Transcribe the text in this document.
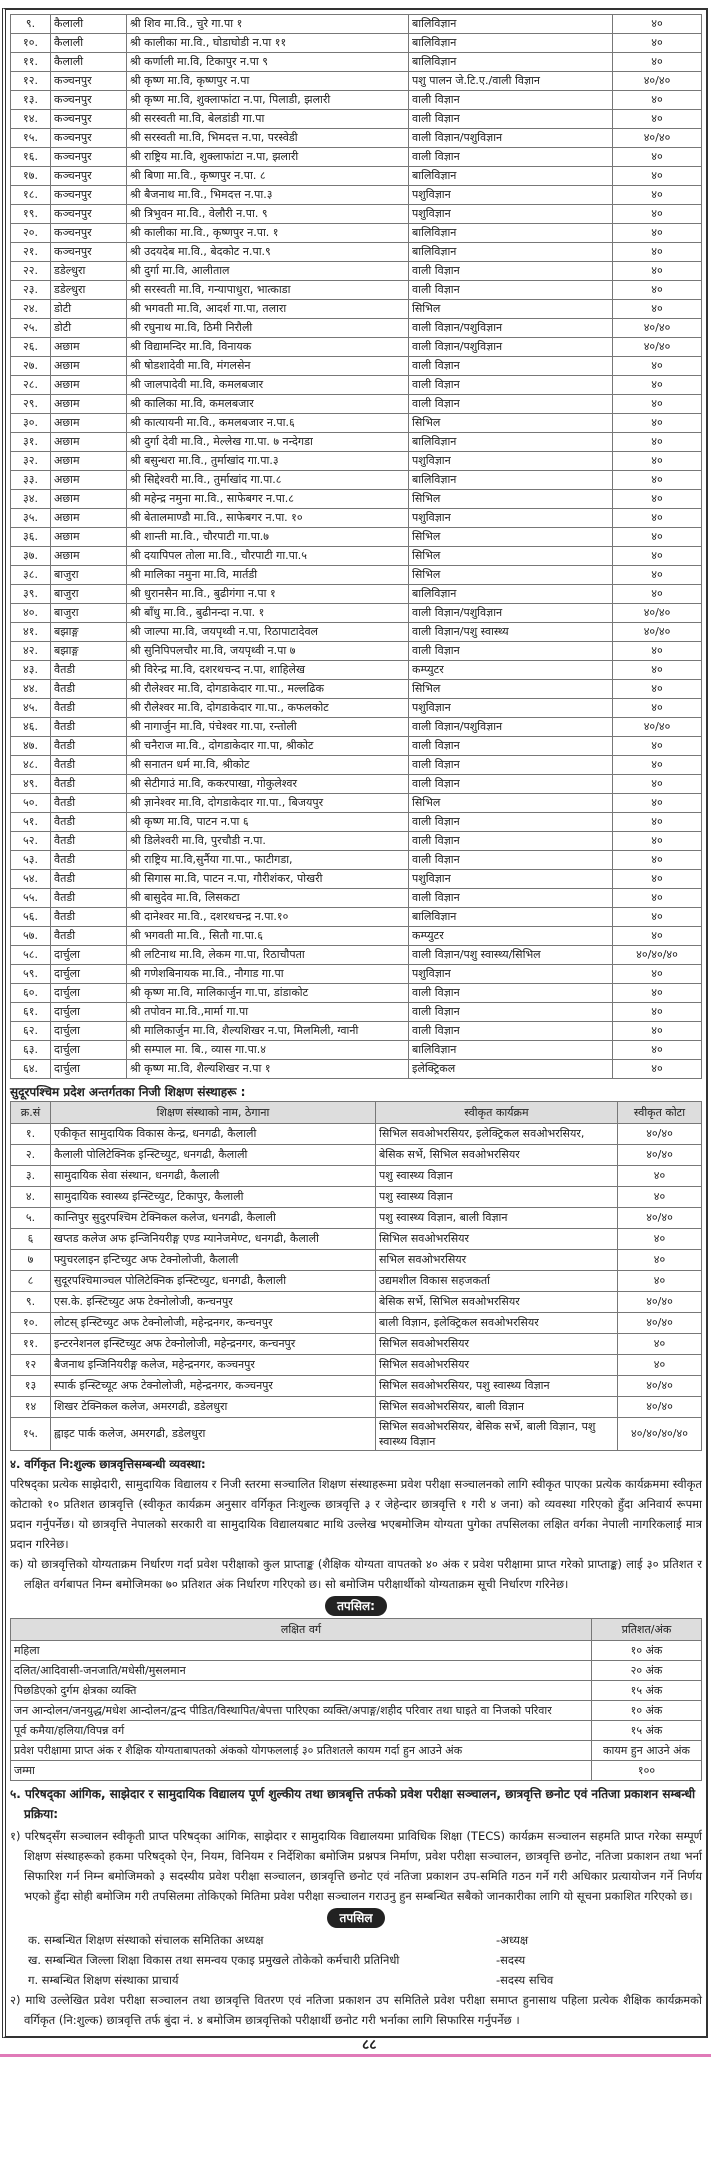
९.	कैलाली	श्री शिव मा.वि., चुरे गा.पा १	बालिविज्ञान	४०
१०.	कैलाली	श्री कालीका मा.वि., घोडाघोडी न.पा ११	बालिविज्ञान	४०
११.	कैलाली	श्री कर्णाली मा.वि, टिकापुर न.पा ९	बालिविज्ञान	४०
१२.	कञ्चनपुर	श्री कृष्ण मा.वि, कृष्णपुर न.पा	पशु पालन जे.टि.ए./वाली विज्ञान	४०/४०
१३.	कञ्चनपुर	श्री कृष्ण मा.वि, शुक्लाफांटा न.पा, पिलाडी, झलारी	वाली विज्ञान	४०
१४.	कञ्चनपुर	श्री सरस्वती मा.वि, बेलडांडी गा.पा	वाली विज्ञान	४०
१५.	कञ्चनपुर	श्री सरस्वती मा.वि, भिमदत्त न.पा, परस्वेडी	वाली विज्ञान/पशुविज्ञान	४०/४०
१६.	कञ्चनपुर	श्री राष्ट्रिय मा.वि, शुक्लाफांटा न.पा, झलारी	वाली विज्ञान	४०
१७.	कञ्चनपुर	श्री बिणा मा.वि., कृष्णपुर न.पा. ८	बालिविज्ञान	४०
१८.	कञ्चनपुर	श्री बैजनाथ मा.वि., भिमदत्त न.पा.३	पशुविज्ञान	४०
१९.	कञ्चनपुर	श्री त्रिभुवन मा.वि., वेलौरी न.पा. ९	पशुविज्ञान	४०
२०.	कञ्चनपुर	श्री कालीका मा.वि., कृष्णपुर न.पा. १	बालिविज्ञान	४०
२१.	कञ्चनपुर	श्री उदयदेब मा.वि., बेदकोट न.पा.९	बालिविज्ञान	४०
२२.	डडेल्धुरा	श्री दुर्गा मा.वि, आलीताल	वाली विज्ञान	४०
२३.	डडेल्धुरा	श्री सरस्वती मा.वि, गन्यापाधुरा, भात्काडा	वाली विज्ञान	४०
२४.	डोटी	श्री भगवती मा.वि, आदर्श गा.पा, तलारा	सिभिल	४०
२५.	डोटी	श्री रघुनाथ मा.वि, ठिमी निरौली	वाली विज्ञान/पशुविज्ञान	४०/४०
२६.	अछाम	श्री विद्यामन्दिर मा.वि, विनायक	वाली विज्ञान/पशुविज्ञान	४०/४०
२७.	अछाम	श्री षोडशादेवी मा.वि, मंगलसेन	वाली विज्ञान	४०
२८.	अछाम	श्री जालपादेवी मा.वि, कमलबजार	वाली विज्ञान	४०
२९.	अछाम	श्री कालिका मा.वि, कमलबजार	वाली विज्ञान	४०
३०.	अछाम	श्री कात्यायनी मा.वि., कमलबजार न.पा.६	सिभिल	४०
३१.	अछाम	श्री दुर्गा देवी मा.वि., मेल्लेख गा.पा. ७ नन्देगडा	बालिविज्ञान	४०
३२.	अछाम	श्री बसुन्धरा मा.वि., तुर्माखांद गा.पा.३	पशुविज्ञान	४०
३३.	अछाम	श्री सिद्देश्वरी मा.वि., तुर्माखांद गा.पा.८	बालिविज्ञान	४०
३४.	अछाम	श्री महेन्द्र नमुना मा.वि., साफेबगर न.पा.८	सिभिल	४०
३५.	अछाम	श्री बेतालमाण्डौ मा.वि., साफेबगर न.पा. १०	पशुविज्ञान	४०
३६.	अछाम	श्री शान्ती मा.वि., चौरपाटी गा.पा.७	सिभिल	४०
३७.	अछाम	श्री दयापिपल तोला मा.वि., चौरपाटी गा.पा.५	सिभिल	४०
३८.	बाजुरा	श्री मालिका नमुना मा.वि, मार्तडी	सिभिल	४०
३९.	बाजुरा	श्री धुरानसैन मा.वि., बुढीगंगा न.पा १	बालिविज्ञान	४०
४०.	बाजुरा	श्री बाँधु मा.वि., बुढीनन्दा न.पा. १	वाली विज्ञान/पशुविज्ञान	४०/४०
४१.	बझाङ्ग	श्री जाल्पा मा.वि, जयपृथ्वी न.पा, रिठापाटादेवल	वाली विज्ञान/पशु स्वास्थ्य	४०/४०
४२.	बझाङ्ग	श्री सुनिपिपलचौर मा.वि, जयपृथ्वी न.पा ७	वाली विज्ञान	४०
४३.	वैतडी	श्री विरेन्द्र मा.वि, दशरथचन्द न.पा, शाहिलेख	कम्प्युटर	४०
४४.	वैतडी	श्री रौलेश्वर मा.वि, दोगडाकेदार गा.पा., मल्लढिक	सिभिल	४०
४५.	वैतडी	श्री रौलेश्वर मा.वि, दोगडाकेदार गा.पा., कफलकोट	पशुविज्ञान	४०
४६.	वैतडी	श्री नागार्जुन मा.वि, पंचेश्वर गा.पा, रन्तोली	वाली विज्ञान/पशुविज्ञान	४०/४०
४७.	वैतडी	श्री चनैराज मा.वि., दोगडाकेदार गा.पा, श्रीकोट	वाली विज्ञान	४०
४८.	वैतडी	श्री सनातन धर्म मा.वि, श्रीकोट	वाली विज्ञान	४०
४९.	वैतडी	श्री सेटीगाउं मा.वि, ककरपाखा, गोकुलेश्वर	वाली विज्ञान	४०
५०.	वैतडी	श्री ज्ञानेश्वर मा.वि, दोगडाकेदार गा.पा., बिजयपुर	सिभिल	४०
५१.	वैतडी	श्री कृष्ण मा.वि, पाटन न.पा ६	वाली विज्ञान	४०
५२.	वैतडी	श्री डिलेश्वरी मा.वि, पुरचौडी न.पा.	वाली विज्ञान	४०
५३.	वैतडी	श्री राष्ट्रिय मा.वि,सुर्नैया गा.पा., फाटीगडा,	वाली विज्ञान	४०
५४.	वैतडी	श्री सिगास मा.वि, पाटन न.पा, गौरीशंकर, पोखरी	पशुविज्ञान	४०
५५.	वैतडी	श्री बासुदेव मा.वि, लिसकटा	वाली विज्ञान	४०
५६.	वैतडी	श्री दानेश्वर मा.वि., दशरथचन्द्र न.पा.१०	बालिविज्ञान	४०
५७.	वैतडी	श्री भगवती मा.वि., सितौ गा.पा.६	कम्प्युटर	४०
५८.	दार्चुला	श्री लटिनाथ मा.वि, लेकम गा.पा, रिठाचौपता	वाली विज्ञान/पशु स्वास्थ्य/सिभिल	४०/४०/४०
५९.	दार्चुला	श्री गणेशबिनायक मा.वि., नौगाड गा.पा	पशुविज्ञान	४०
६०.	दार्चुला	श्री कृष्ण मा.वि, मालिकार्जुन गा.पा, डांडाकोट	वाली विज्ञान	४०
६१.	दार्चुला	श्री तपोवन मा.वि.,मार्मा गा.पा	वाली विज्ञान	४०
६२.	दार्चुला	श्री मालिकार्जुन मा.वि, शैल्यशिखर न.पा, मिलमिली, ग्वानी	वाली विज्ञान	४०
६३.	दार्चुला	श्री सम्पाल मा. बि., व्यास गा.पा.४	बालिविज्ञान	४०
६४.	दार्चुला	श्री कृष्ण मा.वि, शैल्यशिखर न.पा १	इलेक्ट्रिकल	४०
सुदूरपश्चिम प्रदेश अन्तर्गतका निजी शिक्षण संस्थाहरू :
क्र.सं	शिक्षण संस्थाको नाम, ठेगाना	स्वीकृत कार्यक्रम	स्वीकृत कोटा
१.	एकीकृत सामुदायिक विकास केन्द्र, धनगढी, कैलाली	सिभिल सवओभरसियर, इलेक्ट्रिकल सवओभरसियर,	४०/४०
२.	कैलाली पोलिटेक्निक इन्स्टिच्युट, धनगढी, कैलाली	बेसिक सर्भे, सिभिल सवओभरसियर	४०/४०
३.	सामुदायिक सेवा संस्थान, धनगढी, कैलाली	पशु स्वास्थ्य विज्ञान	४०
४.	सामुदायिक स्वास्थ्य इन्स्टिच्युट, टिकापुर, कैलाली	पशु स्वास्थ्य विज्ञान	४०
५.	कान्तिपुर सुदुरपश्चिम टेक्निकल कलेज, धनगढी, कैलाली	पशु स्वास्थ्य विज्ञान, बाली विज्ञान	४०/४०
६	खप्तड कलेज अफ इन्जिनियरीङ्ग एण्ड म्यानेजमेण्ट, धनगढी, कैलाली	सिभिल सवओभरसियर	४०
७	फ्युचरलाइन इन्टिच्युट अफ टेक्नोलोजी, कैलाली	सभिल सवओभरसियर	४०
८	सुदूरपश्चिमाञ्चल पोलिटेक्निक इन्स्टिच्युट, धनगढी, कैलाली	उद्यमशील विकास सहजकर्ता	४०
९.	एस.के. इन्स्टिच्युट अफ टेक्नोलोजी, कन्चनपुर	बेसिक सर्भे, सिभिल सवओभरसियर	४०/४०
१०.	लोटस् इन्स्टिच्युट अफ टेक्नोलोजी, महेन्द्रनगर, कन्चनपुर	बाली विज्ञान, इलेक्ट्रिकल सवओभरसियर	४०/४०
११.	इन्टरनेशनल इन्स्टिच्युट अफ टेक्नोलोजी, महेन्द्रनगर, कन्चनपुर	सिभिल सवओभरसियर	४०
१२	बैजनाथ इन्जिनियरीङ्ग कलेज, महेन्द्रनगर, कञ्चनपुर	सिभिल सवओभरसियर	४०
१३	स्पार्क इन्स्टिच्यूट अफ टेक्नोलोजी, महेन्द्रनगर, कञ्चनपुर	सिभिल सवओभरसियर, पशु स्वास्थ्य विज्ञान	४०/४०
१४	शिखर टेक्निकल कलेज, अमरगढी, डडेलधुरा	सिभिल सवओभरसियर, बाली विज्ञान	४०/४०
१५.	ह्वाइट पार्क कलेज, अमरगढी, डडेलधुरा	सिभिल सवओभरसियर, बेसिक सर्भे, बाली विज्ञान, पशु स्वास्थ्य विज्ञान	४०/४०/४०/४०
४. वर्गिकृत नि:शुल्क छात्रवृत्तिसम्बन्धी व्यवस्था:
परिषद्का प्रत्येक साझेदारी, सामुदायिक विद्यालय र निजी स्तरमा सञ्चालित शिक्षण संस्थाहरूमा प्रवेश परीक्षा सञ्चालनको लागि स्वीकृत पाएका प्रत्येक कार्यक्रममा स्वीकृत कोटाको १० प्रतिशत छात्रवृत्ति (स्वीकृत कार्यक्रम अनुसार वर्गिकृत निःशुल्क छात्रवृत्ति ३ र जेहेन्दार छात्रवृत्ति १ गरी ४ जना) को व्यवस्था गरिएको हुँदा अनिवार्य रूपमा प्रदान गर्नुपर्नेछ। यो छात्रवृत्ति नेपालको सरकारी वा सामुदायिक विद्यालयबाट माथि उल्लेख भएबमोजिम योग्यता पुगेका तपसिलका लक्षित वर्गका नेपाली नागरिकलाई मात्र प्रदान गरिनेछ।
क) यो छात्रवृत्तिको योग्यताक्रम निर्धारण गर्दा प्रवेश परीक्षाको कुल प्राप्ताङ्क (शैक्षिक योग्यता वापतको ४० अंक र प्रवेश परीक्षामा प्राप्त गरेको प्राप्ताङ्क) लाई ३० प्रतिशत र लक्षित वर्गबापत निम्न बमोजिमका ७० प्रतिशत अंक निर्धारण गरिएको छ। सो बमोजिम परीक्षार्थीको योग्यताक्रम सूची निर्धारण गरिनेछ।
तपसिल:
लक्षित वर्ग	प्रतिशत/अंक
महिला	१० अंक
दलित/आदिवासी-जनजाति/मधेसी/मुसलमान	२० अंक
पिछडिएको दुर्गम क्षेत्रका व्यक्ति	१५ अंक
जन आन्दोलन/जनयुद्ध/मधेश आन्दोलन/द्वन्द पीडित/विस्थापित/बेपत्ता पारिएका व्यक्ति/अपाङ्ग/शहीद परिवार तथा घाइते वा निजको परिवार	१० अंक
पूर्व कमैया/हलिया/विपन्न वर्ग	१५ अंक
प्रवेश परीक्षामा प्राप्त अंक र शैक्षिक योग्यताबापतको अंकको योगफललाई ३० प्रतिशतले कायम गर्दा हुन आउने अंक	कायम हुन आउने अंक
जम्मा	१००
५. परिषद्का आंगिक, साझेदार र सामुदायिक विद्यालय पूर्ण शुल्कीय तथा छात्रबृत्ति तर्फको प्रवेश परीक्षा सञ्चालन, छात्रवृत्ति छनोट एवं नतिजा प्रकाशन सम्बन्धी प्रक्रिया:
१) परिषद्सँग सञ्चालन स्वीकृती प्राप्त परिषद्का आंगिक, साझेदार र सामुदायिक विद्यालयमा प्राविधिक शिक्षा (TECS) कार्यक्रम सञ्चालन सहमति प्राप्त गरेका सम्पूर्ण शिक्षण संस्थाहरूको हकमा परिषद्को ऐन, नियम, विनियम र निर्देशिका बमोजिम प्रश्नपत्र निर्माण, प्रवेश परीक्षा सञ्चालन, छात्रवृत्ति छनोट, नतिजा प्रकाशन तथा भर्ना सिफारिश गर्न निम्न बमोजिमको ३ सदस्यीय प्रवेश परीक्षा सञ्चालन, छात्रवृत्ति छनोट एवं नतिजा प्रकाशन उप-समिति गठन गर्ने गरी अधिकार प्रत्यायोजन गर्ने निर्णय भएको हुँदा सोही बमोजिम गरी तपसिलमा तोकिएको मितिमा प्रवेश परीक्षा सञ्चालन गराउनु हुन सम्बन्धित सबैको जानकारीका लागि यो सूचना प्रकाशित गरिएको छ।
तपसिल
क. सम्बन्धित शिक्षण संस्थाको संचालक समितिका अध्यक्ष	-अध्यक्ष
ख. सम्बन्धित जिल्ला शिक्षा विकास तथा समन्वय एकाइ प्रमुखले तोकेको कर्मचारी प्रतिनिधी	-सदस्य
ग. सम्बन्धित शिक्षण संस्थाका प्राचार्य	-सदस्य सचिव
२) माथि उल्लेखित प्रवेश परीक्षा सञ्चालन तथा छात्रवृत्ति वितरण एवं नतिजा प्रकाशन उप समितिले प्रवेश परीक्षा समाप्त हुनासाथ पहिला प्रत्येक शैक्षिक कार्यक्रमको वर्गिकृत (नि:शुल्क) छात्रवृत्ति तर्फ बुंदा नं. ४ बमोजिम छात्रवृत्तिको परीक्षार्थी छनोट गरी भर्नाका लागि सिफारिस गर्नुपर्नेछ ।
८८
